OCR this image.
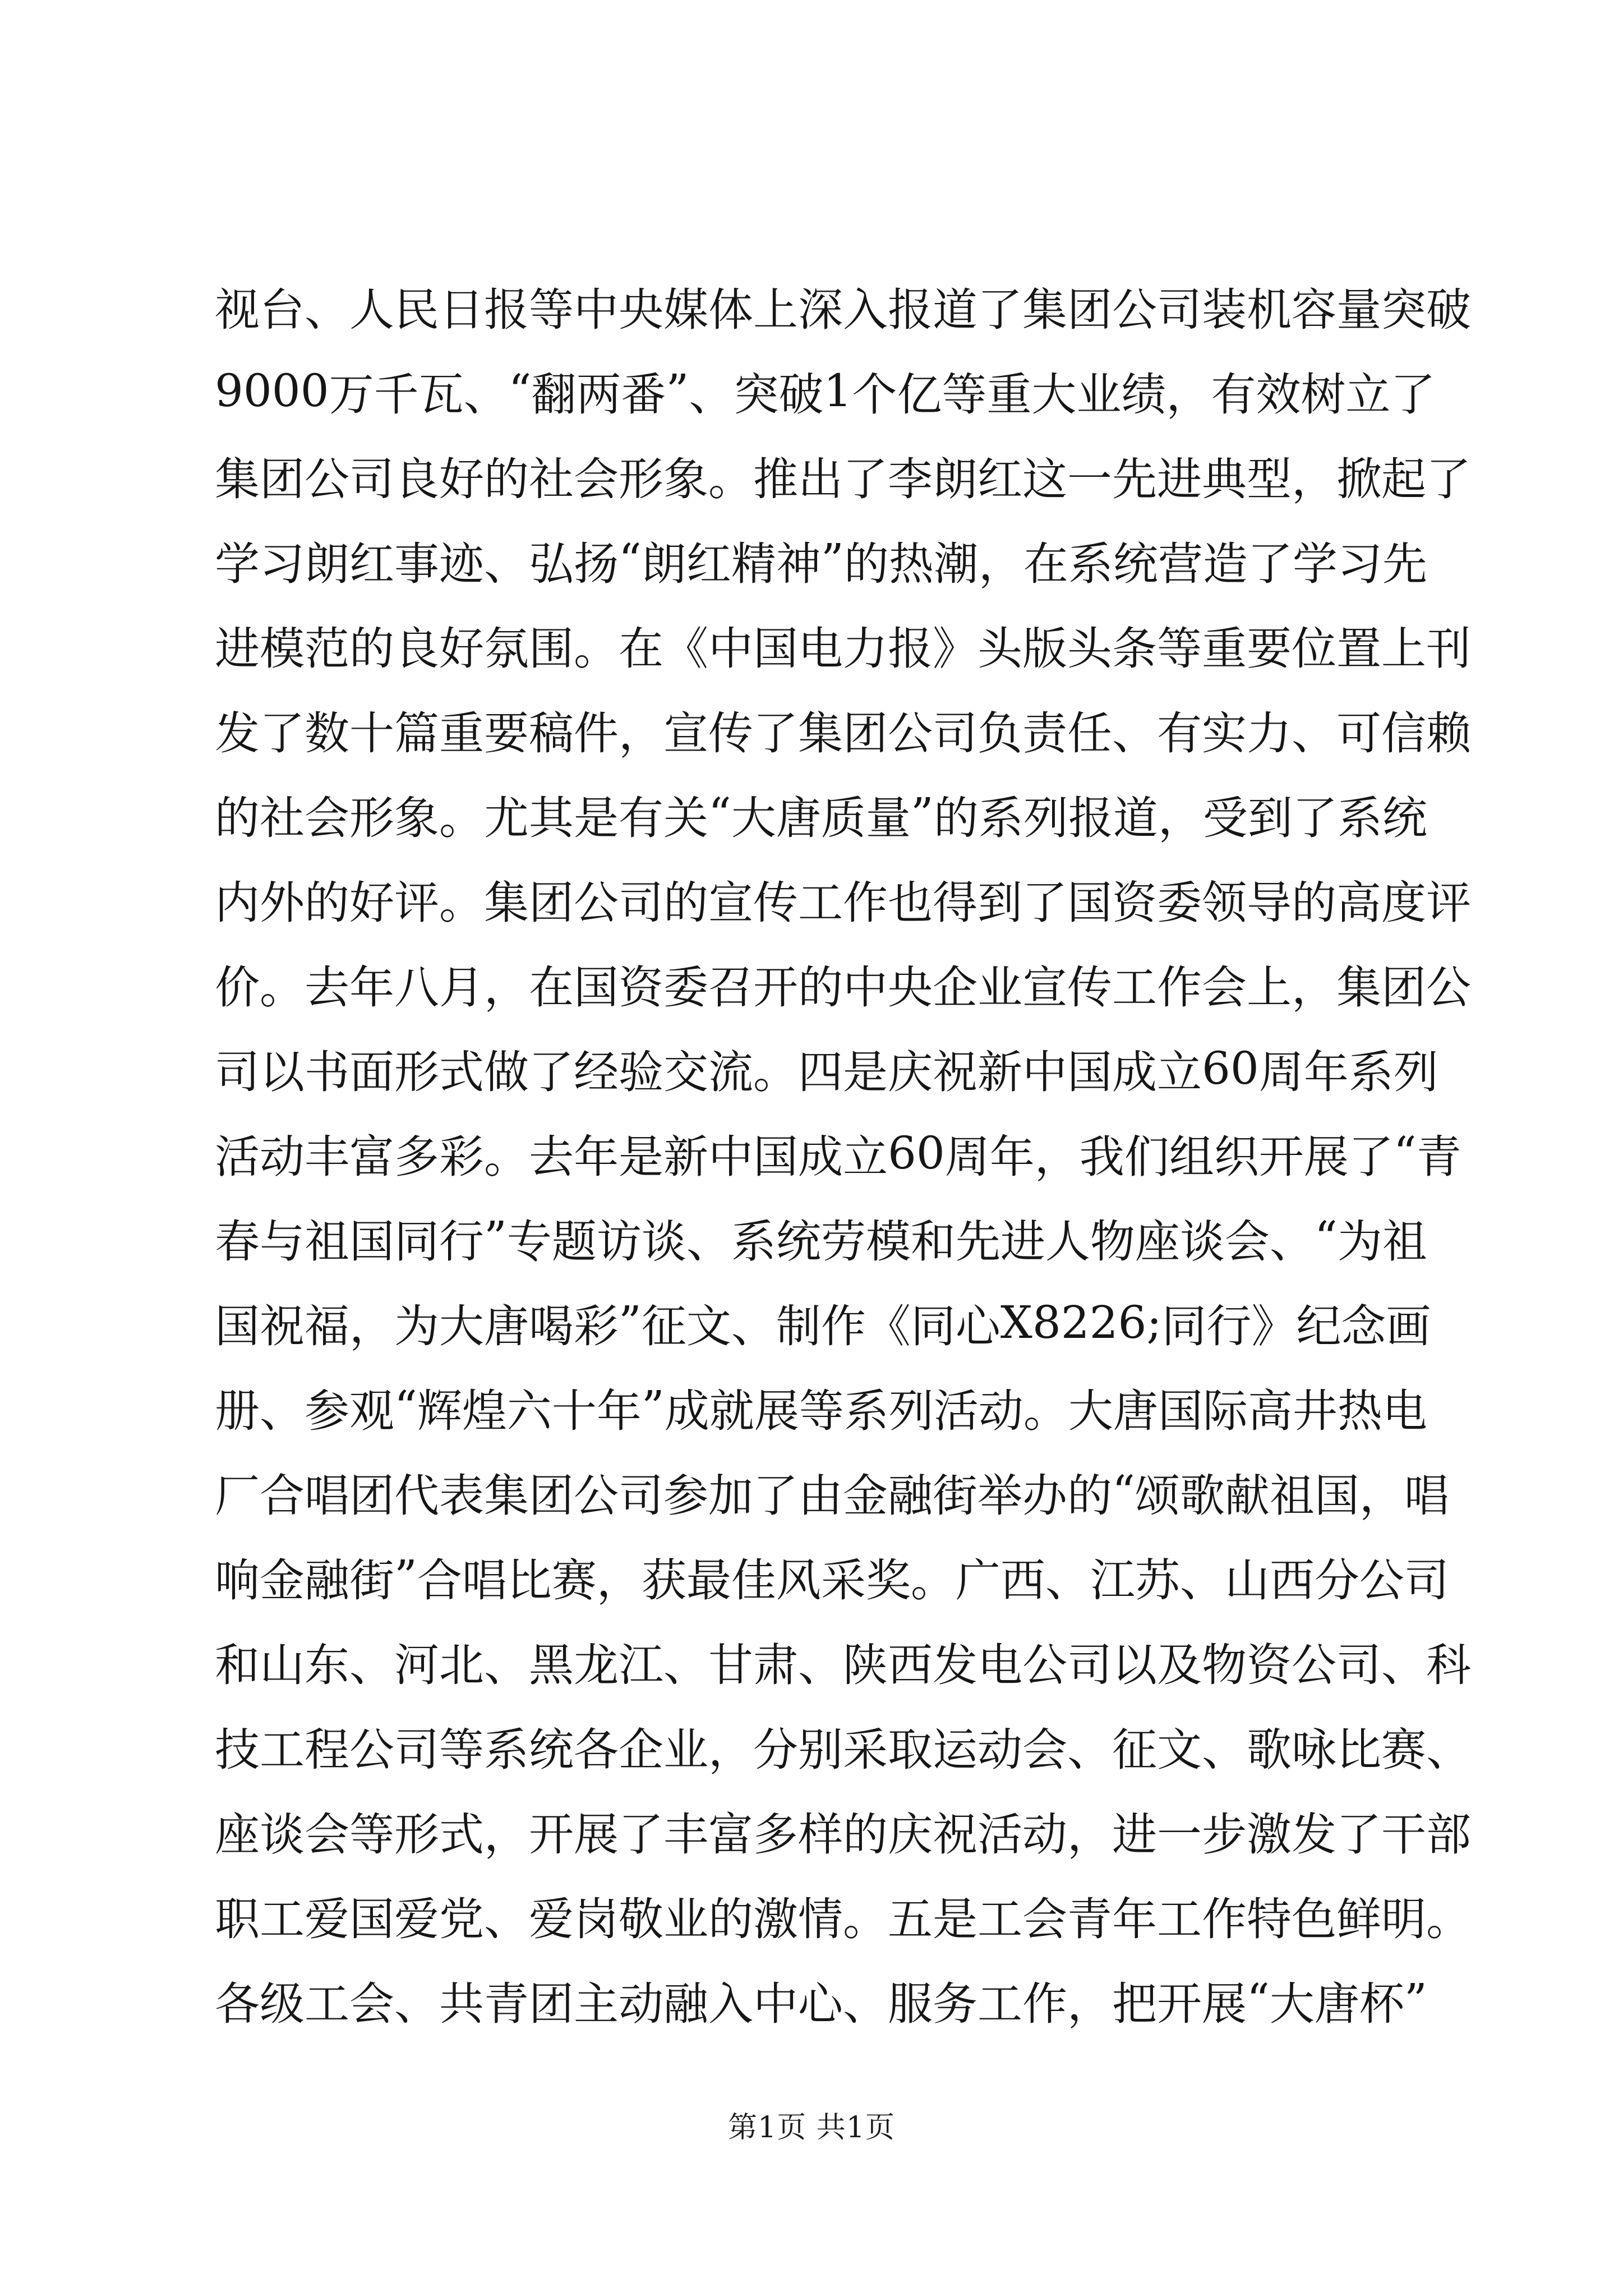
视 台 、 人 民 日 报 等 中 央 媒 体 上 深 入 报 道 了 集 团 公 司 装 机 容 量 突 破
9000 万 千 瓦 、 “ 翻 两 番 ” 、 突 破 1 个 亿 等 重 大 业 绩 ， 有 效 树 立 了
集 团 公 司 良 好 的 社 会 形 象 。 推 出 了 李 朗 红 这 一 先 进 典 型 ， 掀 起 了
学 习 朗 红 事 迹 、 弘 扬 “ 朗 红 精 神 ” 的 热 潮 ， 在 系 统 营 造 了 学 习 先
进 模 范 的 良 好 氛 围 。 在 《 中 国 电 力 报 》 头 版 头 条 等 重 要 位 置 上 刊
发 了 数 十 篇 重 要 稿 件 ， 宣 传 了 集 团 公 司 负 责 任 、 有 实 力 、 可 信 赖
的 社 会 形 象 。 尤 其 是 有 关 “ 大 唐 质 量 ” 的 系 列 报 道 ， 受 到 了 系 统
内 外 的 好 评 。 集 团 公 司 的 宣 传 工 作 也 得 到 了 国 资 委 领 导 的 高 度 评
价 。 去 年 八 月 ， 在 国 资 委 召 开 的 中 央 企 业 宣 传 工 作 会 上 ， 集 团 公
司 以 书 面 形 式 做 了 经 验 交 流 。 四 是 庆 祝 新 中 国 成 立 60 周 年 系 列
活 动 丰 富 多 彩 。 去 年 是 新 中 国 成 立 60 周 年 ， 我 们 组 织 开 展 了 “ 青
春 与 祖 国 同 行 ” 专 题 访 谈 、 系 统 劳 模 和 先 进 人 物 座 谈 会 、 “ 为 祖
国 祝 福 ， 为 大 唐 喝 彩 ” 征 文 、 制 作 《 同 心 X8226; 同 行 》 纪 念 画
册 、 参 观 “ 辉 煌 六 十 年 ” 成 就 展 等 系 列 活 动 。 大 唐 国 际 高 井 热 电
厂 合 唱 团 代 表 集 团 公 司 参 加 了 由 金 融 街 举 办 的 “ 颂 歌 献 祖 国 ， 唱
响 金 融 街 ” 合 唱 比 赛 ， 获 最 佳 风 采 奖 。 广 西 、 江 苏 、 山 西 分 公 司
和 山 东 、 河 北 、 黑 龙 江 、 甘 肃 、 陕 西 发 电 公 司 以 及 物 资 公 司 、 科
技 工 程 公 司 等 系 统 各 企 业 ， 分 别 采 取 运 动 会 、 征 文 、 歌 咏 比 赛 、
座 谈 会 等 形 式 ， 开 展 了 丰 富 多 样 的 庆 祝 活 动 ， 进 一 步 激 发 了 干 部
职 工 爱 国 爱 党 、 爱 岗 敬 业 的 激 情 。 五 是 工 会 青 年 工 作 特 色 鲜 明 。
各 级 工 会 、 共 青 团 主 动 融 入 中 心 、 服 务 工 作 ， 把 开 展 “ 大 唐 杯 ”
第1页 共1页
